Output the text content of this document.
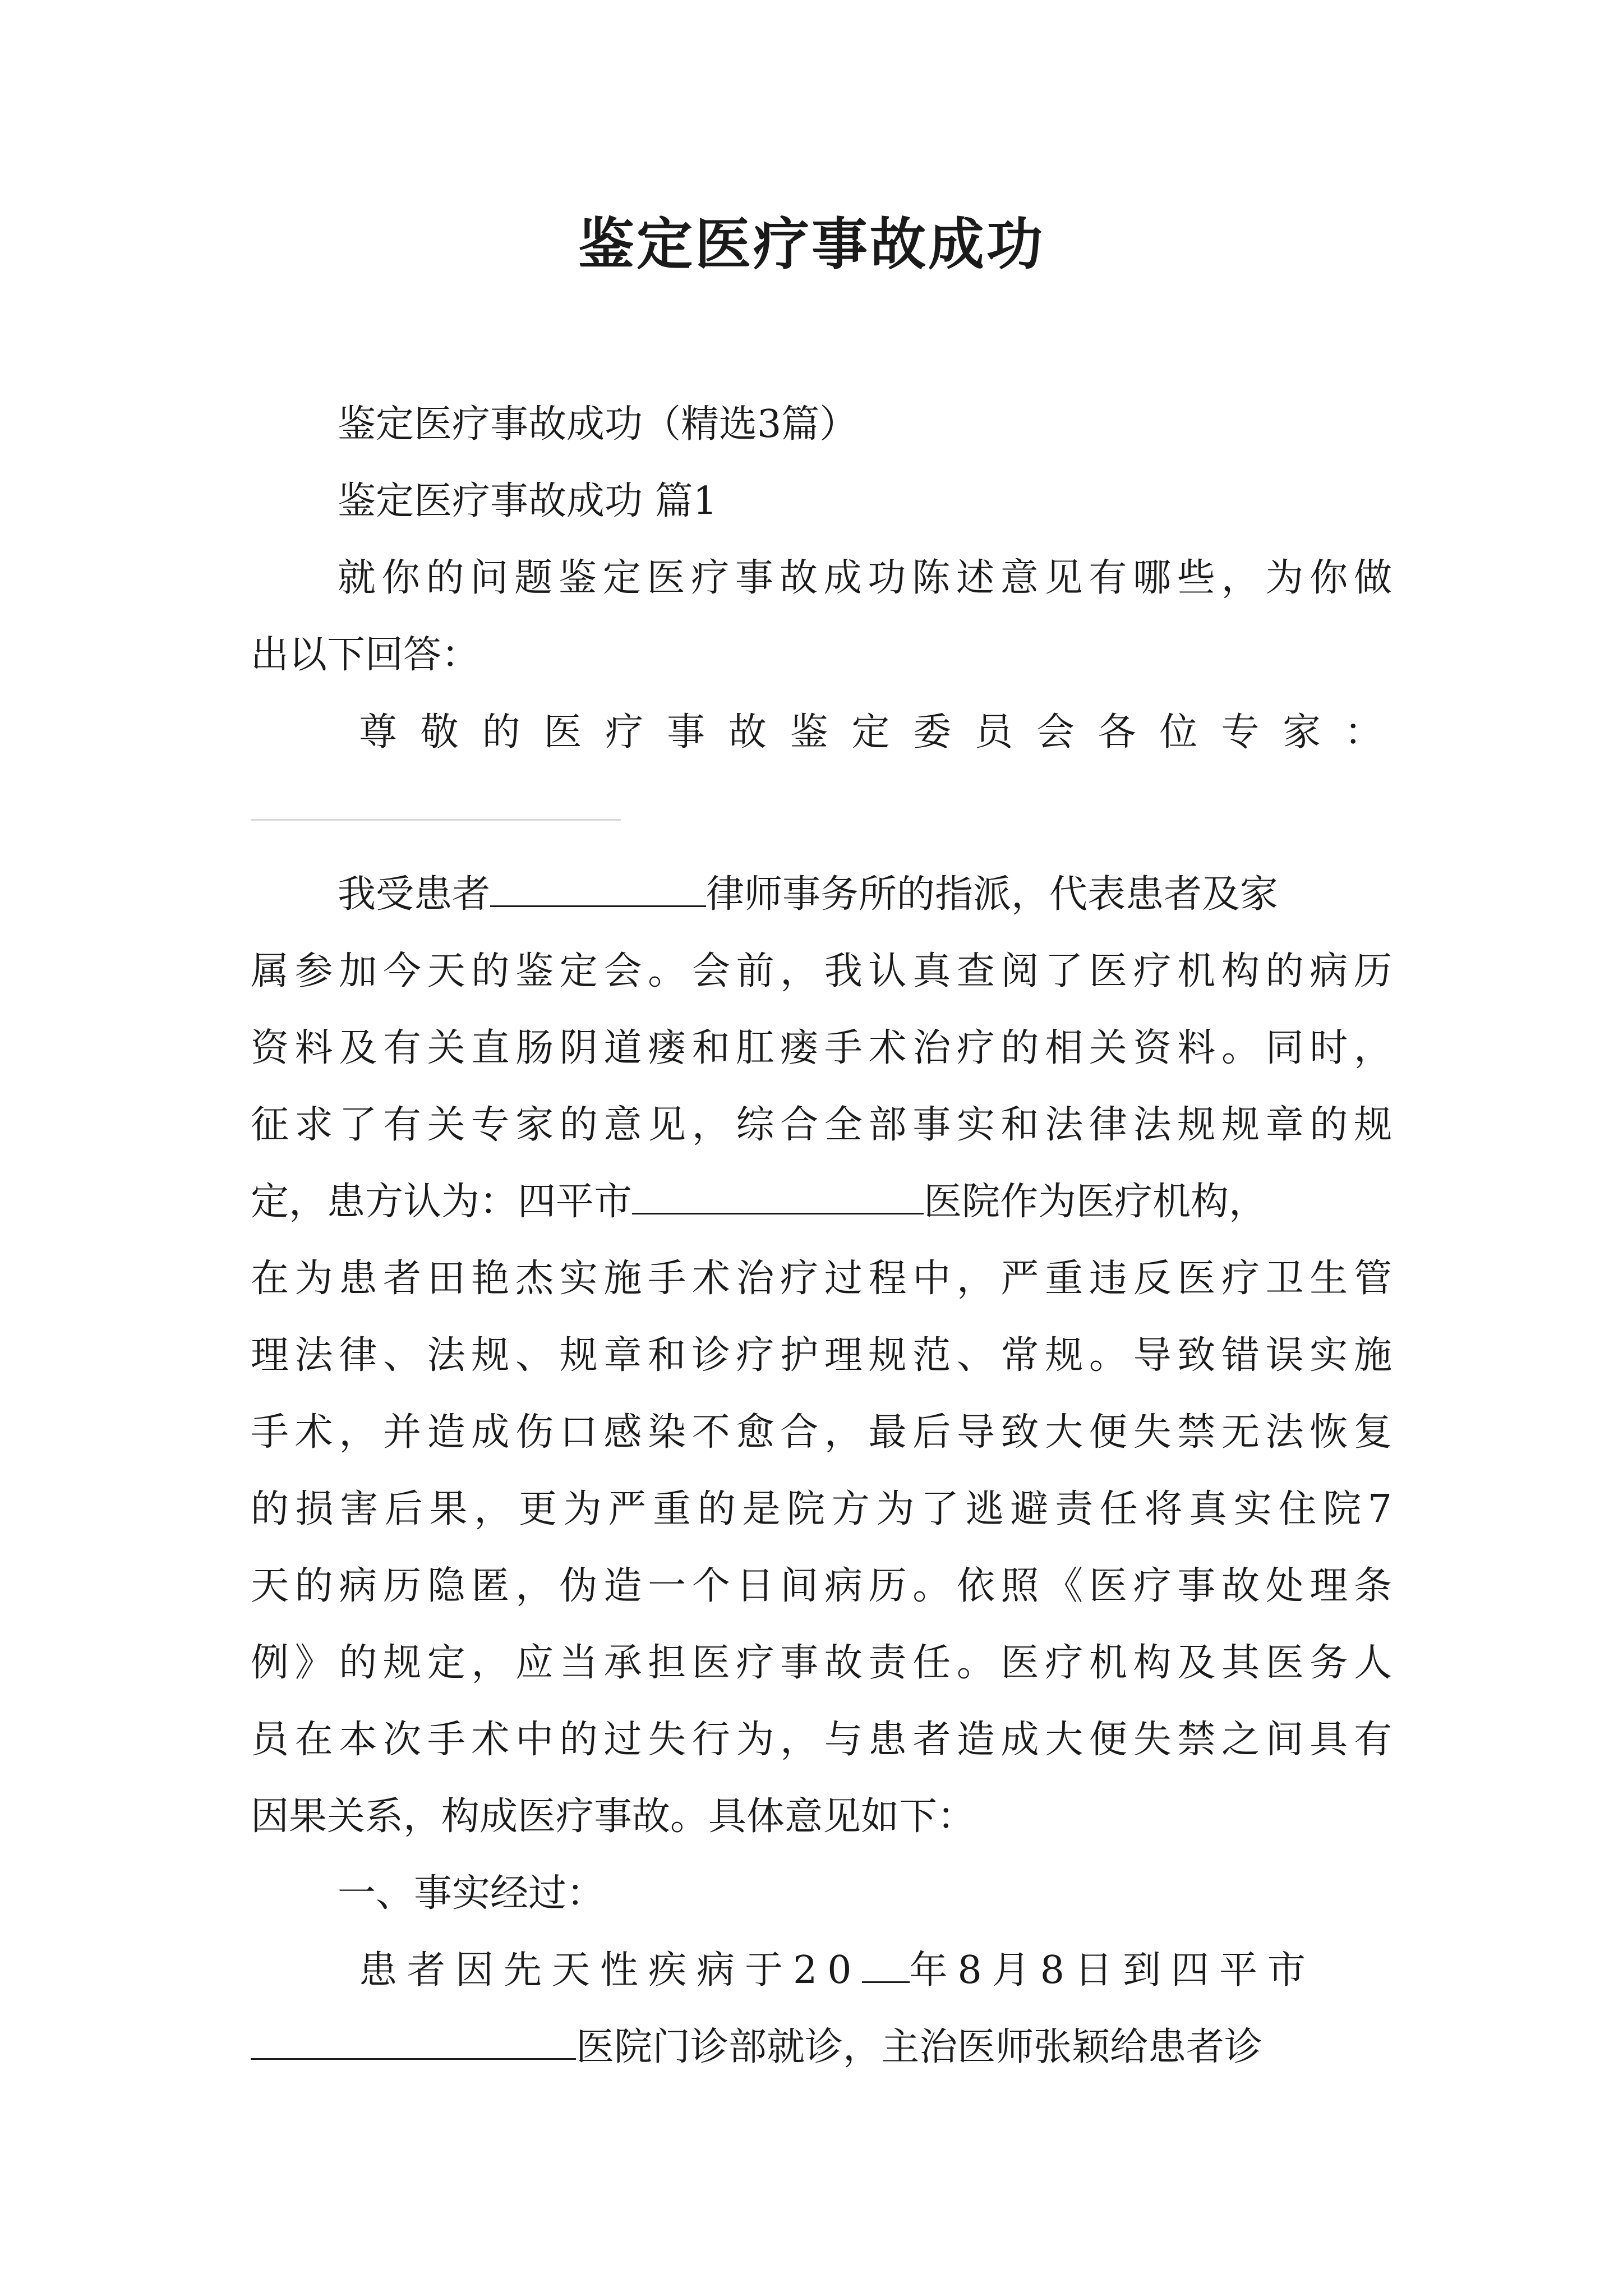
鉴定医疗事故成功

鉴定医疗事故成功（精选3篇）

鉴定医疗事故成功 篇1

就你的问题鉴定医疗事故成功陈述意见有哪些，为你做

出以下回答：

尊敬的医疗事故鉴定委员会各位专家：

我受患者	律师事务所的指派，代表患者及家

属参加今天的鉴定会。会前，我认真查阅了医疗机构的病历

资料及有关直肠阴道瘘和肛瘘手术治疗的相关资料。同时，

征求了有关专家的意见，综合全部事实和法律法规规章的规

定，患方认为：四平市	医院作为医疗机构，

在为患者田艳杰实施手术治疗过程中，严重违反医疗卫生管

理法律、法规、规章和诊疗护理规范、常规。导致错误实施

手术，并造成伤口感染不愈合，最后导致大便失禁无法恢复

的损害后果，更为严重的是院方为了逃避责任将真实住院7

天的病历隐匿，伪造一个日间病历。依照《医疗事故处理条

例》的规定，应当承担医疗事故责任。医疗机构及其医务人

员在本次手术中的过失行为，与患者造成大便失禁之间具有

因果关系，构成医疗事故。具体意见如下：

一、事实经过：

患者因先天性疾病于20 年8月8日到四平市

医院门诊部就诊，主治医师张颖给患者诊
